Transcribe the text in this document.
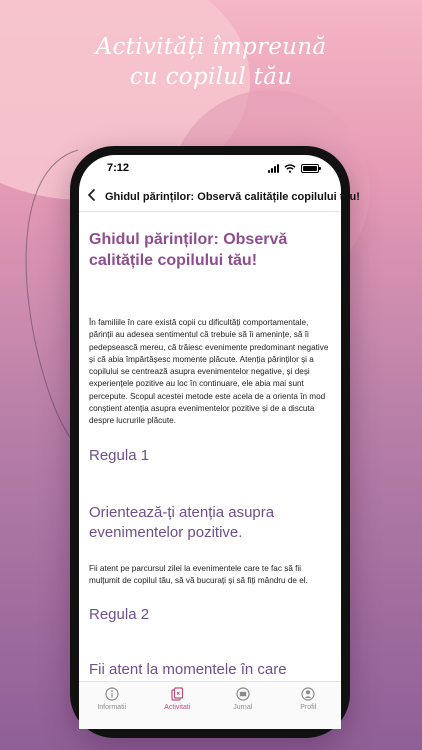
Activități împreună
cu copilul tău
7:12
Ghidul părinților: Observă calitățile copilului tău!
Ghidul părinților: Observă calitățile copilului tău!

În familiile în care există copii cu dificultăți comportamentale, părinții au adesea sentimentul că trebuie să îi amenințe, să îi pedepsească mereu, că trăiesc evenimente predominant negative și că abia împărtășesc momente plăcute. Atenția părinților și a copilului se centrează asupra evenimentelor negative, și deși experiențele pozitive au loc în continuare, ele abia mai sunt percepute. Scopul acestei metode este acela de a orienta în mod conștient atenția asupra evenimentelor pozitive și de a discuta despre lucrurile plăcute.

Regula 1
Orientează-ți atenția asupra evenimentelor pozitive.

Fii atent pe parcursul zilei la evenimentele care te fac să fii mulțumit de copilul tău, să vă bucurați și să fiți mândru de el.

Regula 2
Fii atent la momentele în care
Informatii	Activitati	Jurnal	Profil
